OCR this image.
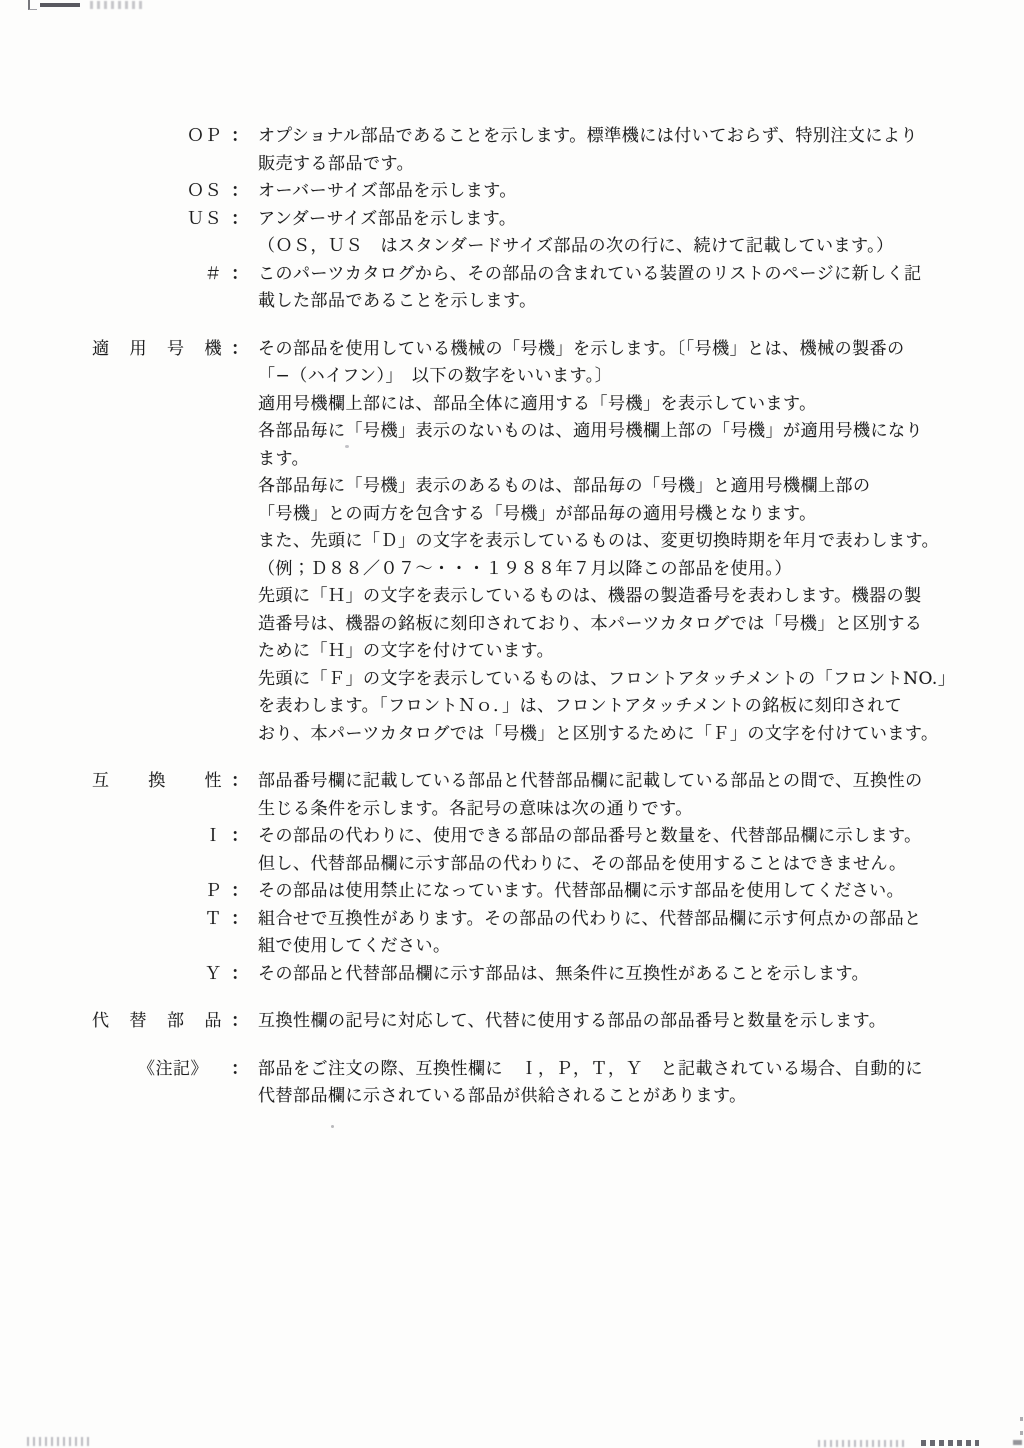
ＯＰ ： オプショナル部品であることを示します。標準機には付いておらず、特別注文により
販売する部品です。
ＯＳ ： オーバーサイズ部品を示します。
ＵＳ ： アンダーサイズ部品を示します。
（ＯＳ，ＵＳ　はスタンダードサイズ部品の次の行に、続けて記載しています。）
＃ ： このパーツカタログから、その部品の含まれている装置のリストのページに新しく記
載した部品であることを示します。
適 用 号 機 ： その部品を使用している機械の「号機」を示します。〔「号機」とは、機械の製番の
「−（ハイフン）」　以下の数字をいいます。〕
適用号機欄上部には、部品全体に適用する「号機」を表示しています。
各部品毎に「号機」表示のないものは、適用号機欄上部の「号機」が適用号機になり
ます。
各部品毎に「号機」表示のあるものは、部品毎の「号機」と適用号機欄上部の
「号機」との両方を包含する「号機」が部品毎の適用号機となります。
また、先頭に「Ｄ」の文字を表示しているものは、変更切換時期を年月で表わします。
（例；Ｄ８８／０７〜・・・１９８８年７月以降この部品を使用。）
先頭に「Ｈ」の文字を表示しているものは、機器の製造番号を表わします。機器の製
造番号は、機器の銘板に刻印されており、本パーツカタログでは「号機」と区別する
ために「Ｈ」の文字を付けています。
先頭に「Ｆ」の文字を表示しているものは、フロントアタッチメントの「フロントNO.」
を表わします。「フロントＮｏ．」は、フロントアタッチメントの銘板に刻印されて
おり、本パーツカタログでは「号機」と区別するために「Ｆ」の文字を付けています。
互 換 性 ： 部品番号欄に記載している部品と代替部品欄に記載している部品との間で、互換性の
生じる条件を示します。各記号の意味は次の通りです。
Ｉ ： その部品の代わりに、使用できる部品の部品番号と数量を、代替部品欄に示します。
但し、代替部品欄に示す部品の代わりに、その部品を使用することはできません。
Ｐ ： その部品は使用禁止になっています。代替部品欄に示す部品を使用してください。
Ｔ ： 組合せで互換性があります。その部品の代わりに、代替部品欄に示す何点かの部品と
組で使用してください。
Ｙ ： その部品と代替部品欄に示す部品は、無条件に互換性があることを示します。
代 替 部 品 ： 互換性欄の記号に対応して、代替に使用する部品の部品番号と数量を示します。
《注記》	： 部品をご注文の際、互換性欄に　Ｉ，Ｐ，Ｔ，Ｙ　と記載されている場合、自動的に
代替部品欄に示されている部品が供給されることがあります。
